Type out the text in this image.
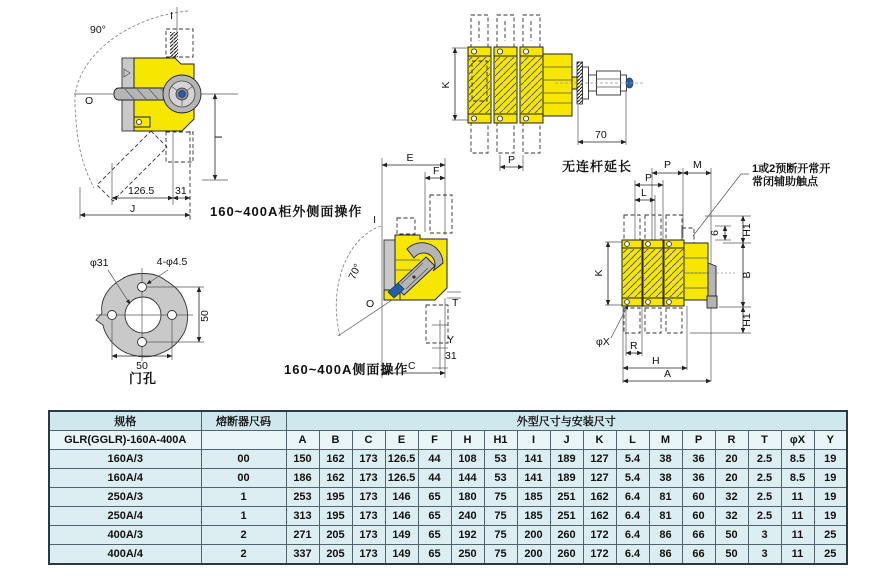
90°
I
O
126.5 31
J
I
160~400A柜外侧面操作
φ31	4-φ4.5
50
50
门孔
E
F
I
70°
O	T
Y
31
C
160~400A侧面操作
K
70
P	无连杆延长	P M
P
L
1或2预断开常开
常闭辅助触点
6 H1
B
H1
K
φX R
H
A
规格	熔断器尺码	外型尺寸与安装尺寸																
GLR(GGLR)-160A-400A		A	B	C	E	F	H	H1	I	J	K	L	M	P	R	T	φX	Y
160A/3	00	150	162	173	126.5	44	108	53	141	189	127	5.4	38	36	20	2.5	8.5	19
160A/4	00	186	162	173	126.5	44	144	53	141	189	127	5.4	38	36	20	2.5	8.5	19
250A/3	1	253	195	173	146	65	180	75	185	251	162	6.4	81	60	32	2.5	11	19
250A/4	1	313	195	173	146	65	240	75	185	251	162	6.4	81	60	32	2.5	11	19
400A/3	2	271	205	173	149	65	192	75	200	260	172	6.4	86	66	50	3	11	25
400A/4	2	337	205	173	149	65	250	75	200	260	172	6.4	86	66	50	3	11	25
